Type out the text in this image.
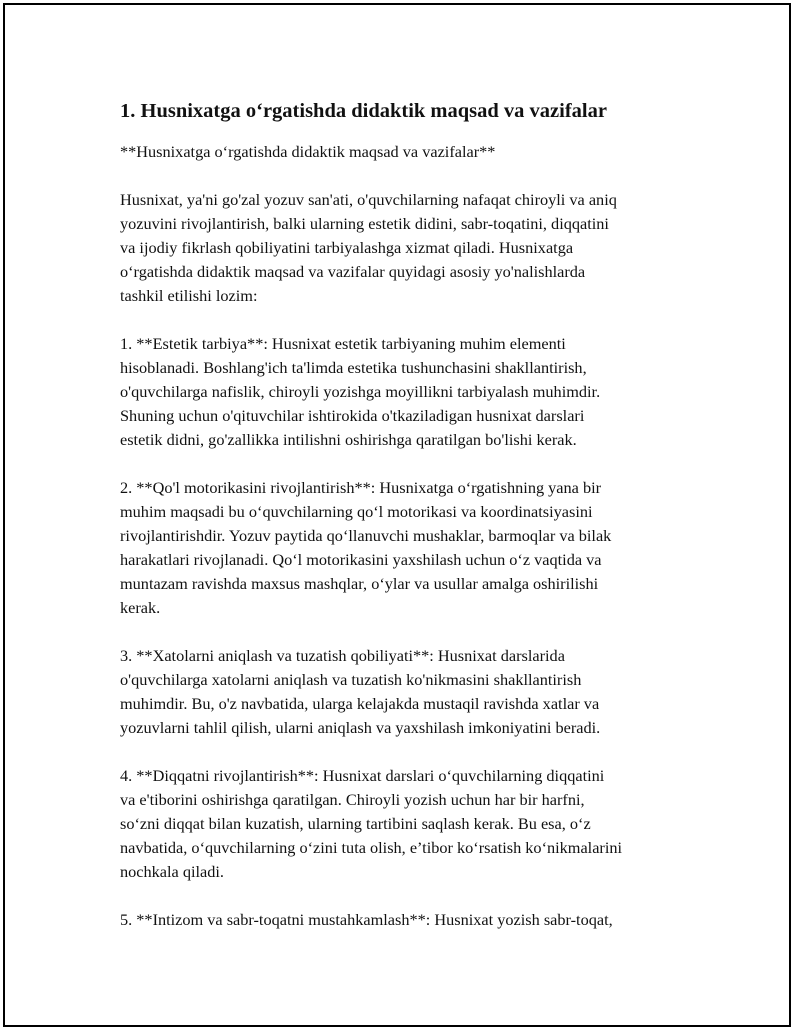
1. Husnixatga o‘rgatishda didaktik maqsad va vazifalar
**Husnixatga o‘rgatishda didaktik maqsad va vazifalar**
Husnixat, ya'ni go'zal yozuv san'ati, o'quvchilarning nafaqat chiroyli va aniq
yozuvini rivojlantirish, balki ularning estetik didini, sabr-toqatini, diqqatini
va ijodiy fikrlash qobiliyatini tarbiyalashga xizmat qiladi. Husnixatga
o‘rgatishda didaktik maqsad va vazifalar quyidagi asosiy yo'nalishlarda
tashkil etilishi lozim:
1. **Estetik tarbiya**: Husnixat estetik tarbiyaning muhim elementi
hisoblanadi. Boshlang'ich ta'limda estetika tushunchasini shakllantirish,
o'quvchilarga nafislik, chiroyli yozishga moyillikni tarbiyalash muhimdir.
Shuning uchun o'qituvchilar ishtirokida o'tkaziladigan husnixat darslari
estetik didni, go'zallikka intilishni oshirishga qaratilgan bo'lishi kerak.
2. **Qo'l motorikasini rivojlantirish**: Husnixatga o‘rgatishning yana bir
muhim maqsadi bu o‘quvchilarning qo‘l motorikasi va koordinatsiyasini
rivojlantirishdir. Yozuv paytida qo‘llanuvchi mushaklar, barmoqlar va bilak
harakatlari rivojlanadi. Qo‘l motorikasini yaxshilash uchun o‘z vaqtida va
muntazam ravishda maxsus mashqlar, o‘ylar va usullar amalga oshirilishi
kerak.
3. **Xatolarni aniqlash va tuzatish qobiliyati**: Husnixat darslarida
o'quvchilarga xatolarni aniqlash va tuzatish ko'nikmasini shakllantirish
muhimdir. Bu, o'z navbatida, ularga kelajakda mustaqil ravishda xatlar va
yozuvlarni tahlil qilish, ularni aniqlash va yaxshilash imkoniyatini beradi.
4. **Diqqatni rivojlantirish**: Husnixat darslari o‘quvchilarning diqqatini
va e'tiborini oshirishga qaratilgan. Chiroyli yozish uchun har bir harfni,
so‘zni diqqat bilan kuzatish, ularning tartibini saqlash kerak. Bu esa, o‘z
navbatida, o‘quvchilarning o‘zini tuta olish, e’tibor ko‘rsatish ko‘nikmalarini
nochkala qiladi.
5. **Intizom va sabr-toqatni mustahkamlash**: Husnixat yozish sabr-toqat,
